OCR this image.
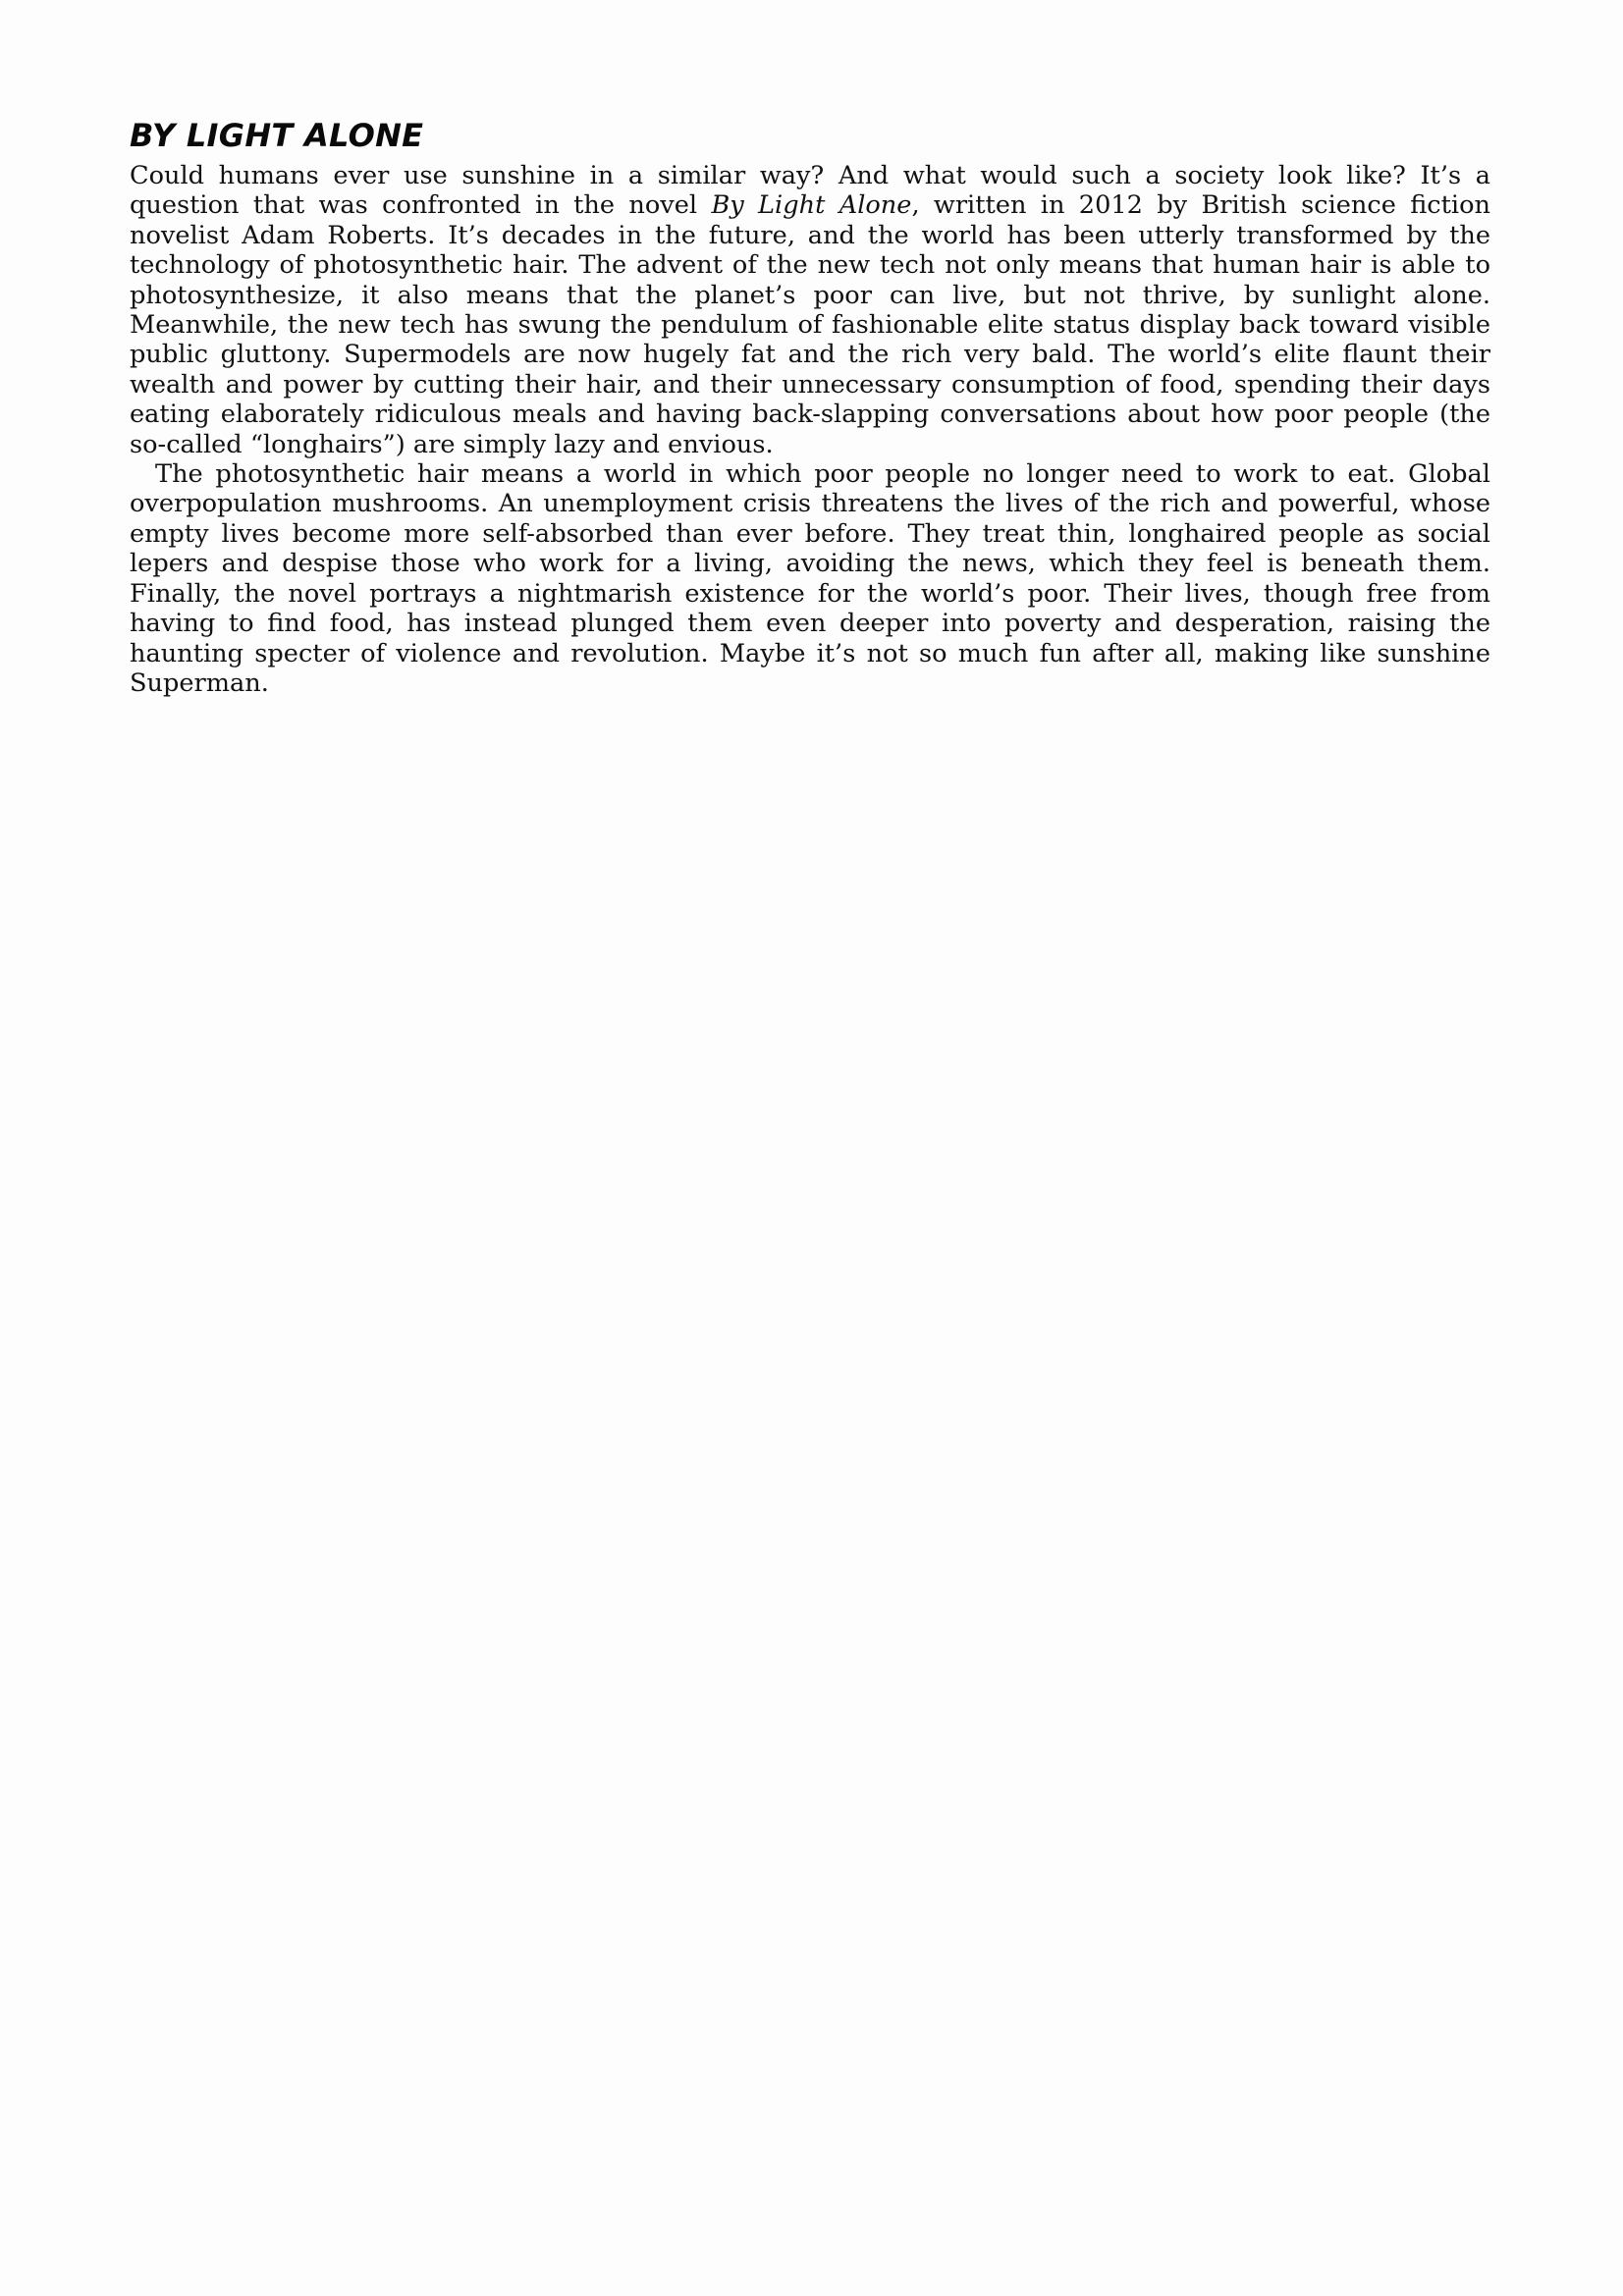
BY LIGHT ALONE

Could humans ever use sunshine in a similar way? And what would such a society look like? It’s a question that was confronted in the novel By Light Alone, written in 2012 by British science fiction novelist Adam Roberts. It’s decades in the future, and the world has been utterly transformed by the technology of photosynthetic hair. The advent of the new tech not only means that human hair is able to photosynthesize, it also means that the planet’s poor can live, but not thrive, by sunlight alone. Meanwhile, the new tech has swung the pendulum of fashionable elite status display back toward visible public gluttony. Supermodels are now hugely fat and the rich very bald. The world’s elite flaunt their wealth and power by cutting their hair, and their unnecessary consumption of food, spending their days eating elaborately ridiculous meals and having back-slapping conversations about how poor people (the so-called “longhairs”) are simply lazy and envious.

The photosynthetic hair means a world in which poor people no longer need to work to eat. Global overpopulation mushrooms. An unemployment crisis threatens the lives of the rich and powerful, whose empty lives become more self-absorbed than ever before. They treat thin, longhaired people as social lepers and despise those who work for a living, avoiding the news, which they feel is beneath them. Finally, the novel portrays a nightmarish existence for the world’s poor. Their lives, though free from having to find food, has instead plunged them even deeper into poverty and desperation, raising the haunting specter of violence and revolution. Maybe it’s not so much fun after all, making like sunshine Superman.
